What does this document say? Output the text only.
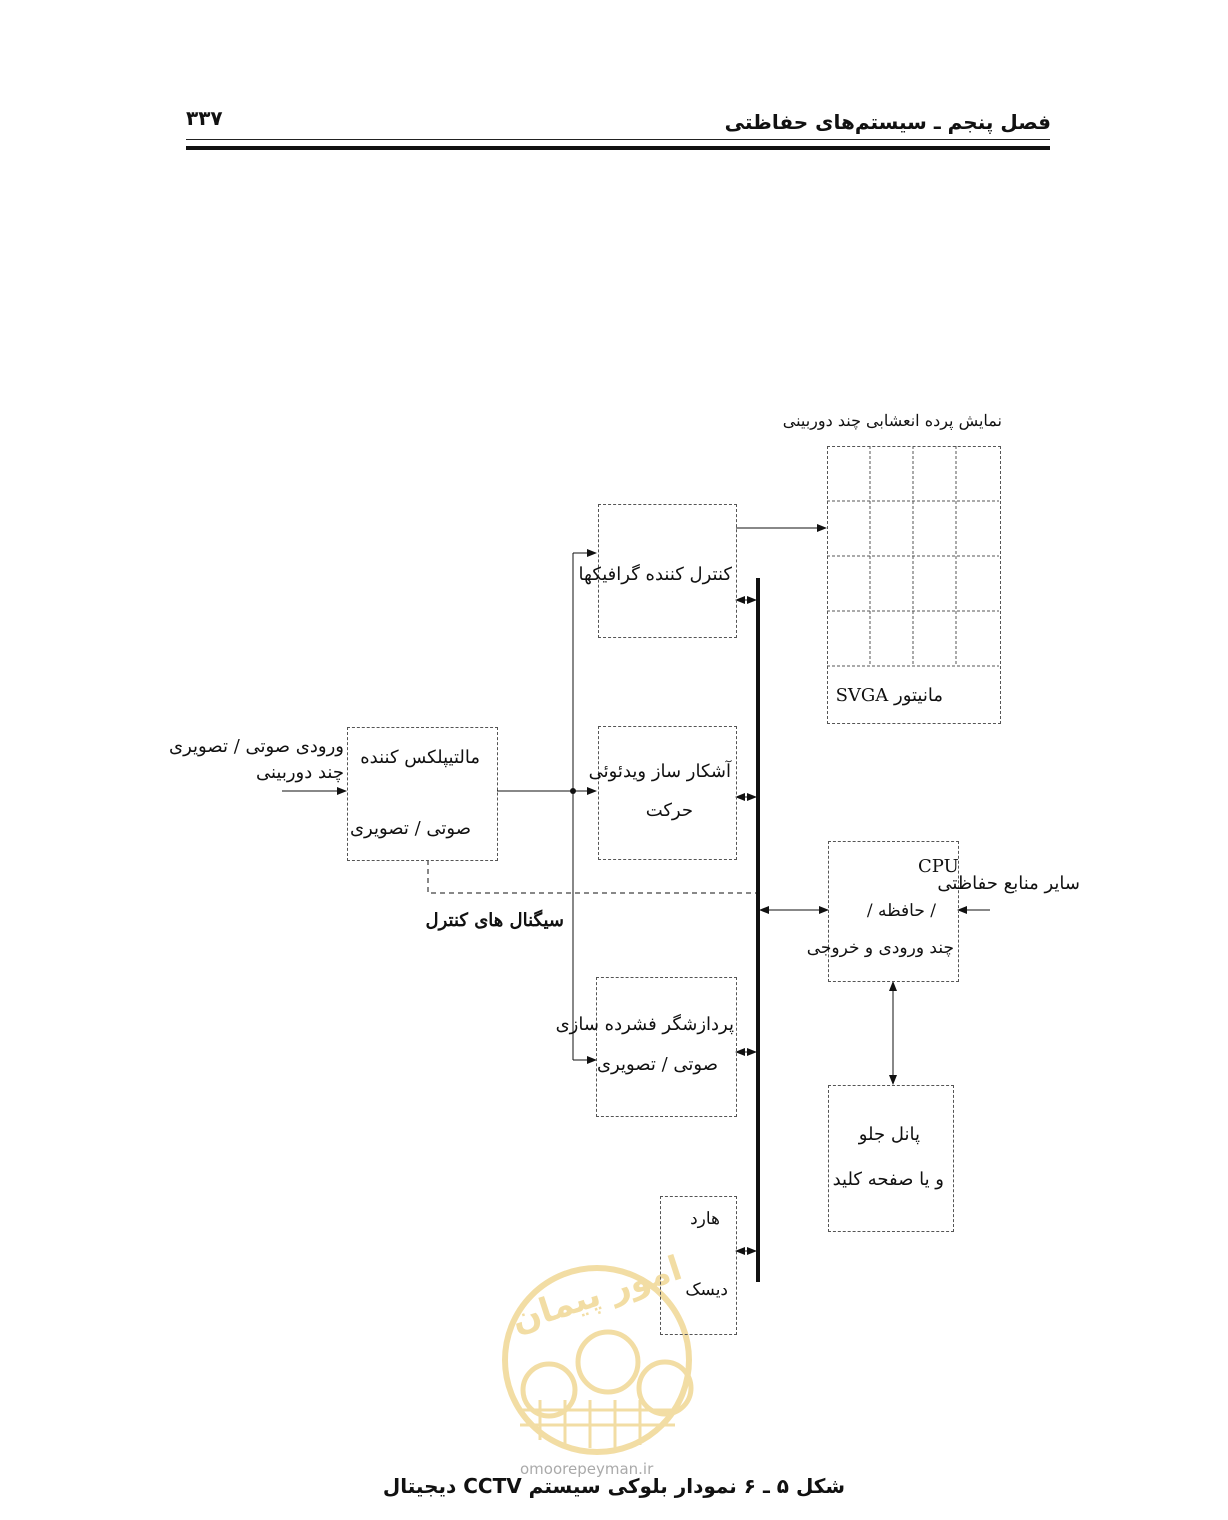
۳۳۷	فصل پنجم ـ سیستم‌های حفاظتی
امور پیمان
نمایش پرده انعشابی چند دوربینی
مانیتور SVGA
کنترل کننده گرافیکها
آشکار ساز ویدئوئی
حرکت
پردازشگر فشرده سازی
صوتی / تصویری
هارد
دیسک
مالتیپلکس کننده
صوتی / تصویری
ورودی صوتی / تصویری
چند دوربینی
سیگنال های کنترل
CPU
/ حافظه /
چند ورودی و خروجی
سایر منابع حفاظتی
پانل جلو
و یا صفحه کلید
omoorepeyman.ir
شکل ۵ ـ ۶ نمودار بلوکی سیستم CCTV دیجیتال
